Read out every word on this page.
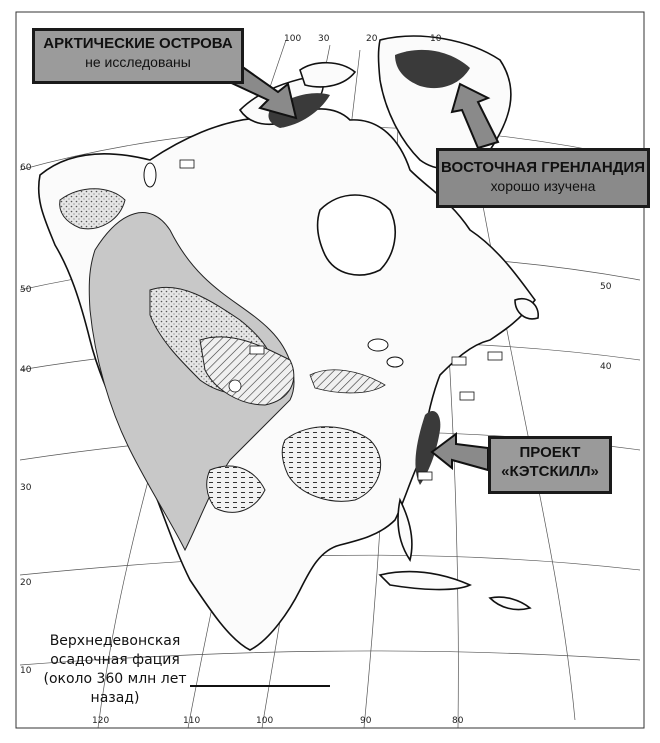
АРКТИЧЕСКИЕ ОСТРОВА
не исследованы
ВОСТОЧНАЯ ГРЕНЛАНДИЯ
хорошо изучена
ПРОЕКТ
«КЭТСКИЛЛ»
Верхнедевонская
осадочная фация
(около 360 млн лет
назад)
60
50
40
30
20
10
50
40
120	110	100	90	80
100 30	20	10
